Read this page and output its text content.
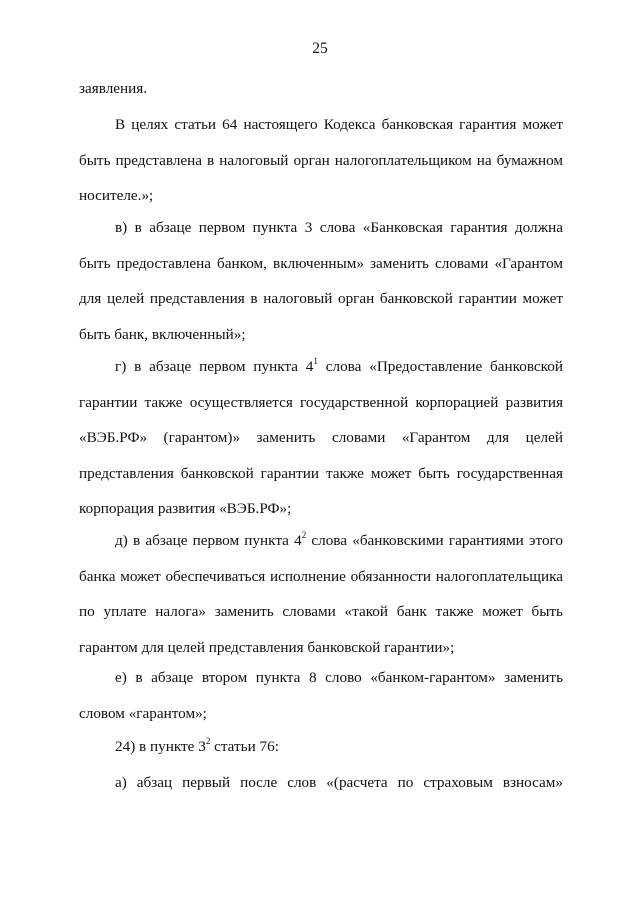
25

заявления.

В целях статьи 64 настоящего Кодекса банковская гарантия может быть представлена в налоговый орган налогоплательщиком на бумажном носителе.»;

в) в абзаце первом пункта 3 слова «Банковская гарантия должна быть предоставлена банком, включенным» заменить словами «Гарантом для целей представления в налоговый орган банковской гарантии может быть банк, включенный»;

г) в абзаце первом пункта $4^1$ слова «Предоставление банковской гарантии также осуществляется государственной корпорацией развития «ВЭБ.РФ» (гарантом)» заменить словами «Гарантом для целей представления банковской гарантии также может быть государственная корпорация развития «ВЭБ.РФ»;

д) в абзаце первом пункта $4^2$ слова «банковскими гарантиями этого банка может обеспечиваться исполнение обязанности налогоплательщика по уплате налога» заменить словами «такой банк также может быть гарантом для целей представления банковской гарантии»;

е) в абзаце втором пункта 8 слово «банком-гарантом» заменить словом «гарантом»;

24) в пункте $3^2$ статьи 76:

а) абзац первый после слов «(расчета по страховым взносам»
